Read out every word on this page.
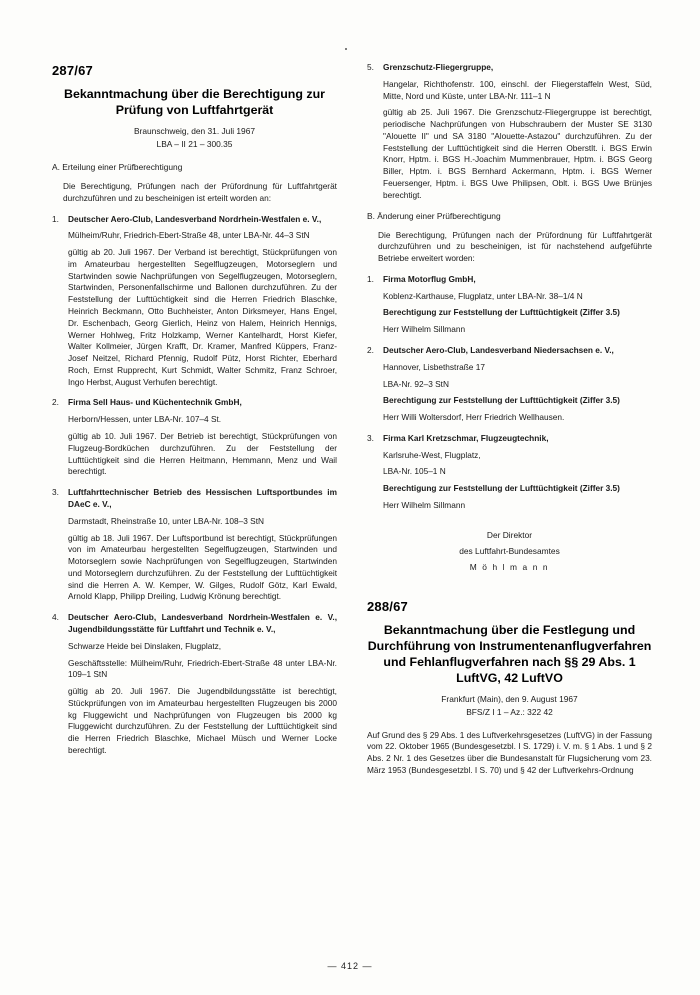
287/67
Bekanntmachung über die Berechtigung zur Prüfung von Luftfahrtgerät
Braunschweig, den 31. Juli 1967
LBA – II 21 – 300.35
A. Erteilung einer Prüfberechtigung
Die Berechtigung, Prüfungen nach der Prüfordnung für Luftfahrtgerät durchzuführen und zu bescheinigen ist erteilt worden an:
1.	Deutscher Aero-Club, Landesverband Nordrhein-Westfalen e. V.,
Mülheim/Ruhr, Friedrich-Ebert-Straße 48, unter LBA-Nr. 44–3 StN
gültig ab 20. Juli 1967. Der Verband ist berechtigt, Stückprüfungen von im Amateurbau hergestellten Segelflugzeugen, Motorseglern und Startwinden sowie Nachprüfungen von Segelflugzeugen, Motorseglern, Startwinden, Personenfallschirme und Ballonen durchzuführen. Zu der Feststellung der Lufttüchtigkeit sind die Herren Friedrich Blaschke, Heinrich Beckmann, Otto Buchheister, Anton Dirksmeyer, Hans Engel, Dr. Eschenbach, Georg Gierlich, Heinz von Halem, Heinrich Hennigs, Werner Hohlweg, Fritz Holzkamp, Werner Kantelhardt, Horst Kiefer, Walter Kollmeier, Jürgen Krafft, Dr. Kramer, Manfred Küppers, Franz-Josef Neitzel, Richard Pfennig, Rudolf Pütz, Horst Richter, Eberhard Roch, Ernst Rupprecht, Kurt Schmidt, Walter Schmitz, Franz Schroer, Ingo Herbst, August Verhufen berechtigt.
2.	Firma Sell Haus- und Küchentechnik GmbH,
Herborn/Hessen, unter LBA-Nr. 107–4 St.
gültig ab 10. Juli 1967. Der Betrieb ist berechtigt, Stückprüfungen von Flugzeug-Bordküchen durchzuführen. Zu der Feststellung der Lufttüchtigkeit sind die Herren Heitmann, Hemmann, Menz und Wail berechtigt.
3.	Luftfahrttechnischer Betrieb des Hessischen Luftsportbundes im DAeC e. V.,
Darmstadt, Rheinstraße 10, unter LBA-Nr. 108–3 StN
gültig ab 18. Juli 1967. Der Luftsportbund ist berechtigt, Stückprüfungen von im Amateurbau hergestellten Segelflugzeugen, Startwinden und Motorseglern sowie Nachprüfungen von Segelflugzeugen, Startwinden und Motorseglern durchzuführen. Zu der Feststellung der Lufttüchtigkeit sind die Herren A. W. Kemper, W. Gilges, Rudolf Götz, Karl Ewald, Arnold Klapp, Philipp Dreiling, Ludwig Krönung berechtigt.
4.	Deutscher Aero-Club, Landesverband Nordrhein-Westfalen e. V., Jugendbildungsstätte für Luftfahrt und Technik e. V.,
Schwarze Heide bei Dinslaken, Flugplatz,
Geschäftsstelle: Mülheim/Ruhr, Friedrich-Ebert-Straße 48 unter LBA-Nr. 109–1 StN
gültig ab 20. Juli 1967. Die Jugendbildungsstätte ist berechtigt, Stückprüfungen von im Amateurbau hergestellten Flugzeugen bis 2000 kg Fluggewicht und Nachprüfungen von Flugzeugen bis 2000 kg Fluggewicht durchzuführen. Zu der Feststellung der Lufttüchtigkeit sind die Herren Friedrich Blaschke, Michael Müsch und Werner Locke berechtigt.
5.	Grenzschutz-Fliegergruppe,
Hangelar, Richthofenstr. 100, einschl. der Fliegerstaffeln West, Süd, Mitte, Nord und Küste, unter LBA-Nr. 111–1 N
gültig ab 25. Juli 1967. Die Grenzschutz-Fliegergruppe ist berechtigt, periodische Nachprüfungen von Hubschraubern der Muster SE 3130 "Alouette II" und SA 3180 "Alouette-Astazou" durchzuführen. Zu der Feststellung der Lufttüchtigkeit sind die Herren Oberstlt. i. BGS Erwin Knorr, Hptm. i. BGS H.-Joachim Mummenbrauer, Hptm. i. BGS Georg Biller, Hptm. i. BGS Bernhard Ackermann, Hptm. i. BGS Werner Feuersenger, Hptm. i. BGS Uwe Philipsen, Oblt. i. BGS Uwe Brünjes berechtigt.
B. Änderung einer Prüfberechtigung
Die Berechtigung, Prüfungen nach der Prüfordnung für Luftfahrtgerät durchzuführen und zu bescheinigen, ist für nachstehend aufgeführte Betriebe erweitert worden:
1.	Firma Motorflug GmbH,
Koblenz-Karthause, Flugplatz, unter LBA-Nr. 38–1/4 N
Berechtigung zur Feststellung der Lufttüchtigkeit (Ziffer 3.5)
Herr Wilhelm Sillmann
2.	Deutscher Aero-Club, Landesverband Niedersachsen e. V.,
Hannover, Lisbethstraße 17
LBA-Nr. 92–3 StN
Berechtigung zur Feststellung der Lufttüchtigkeit (Ziffer 3.5)
Herr Willi Woltersdorf, Herr Friedrich Wellhausen.
3.	Firma Karl Kretzschmar, Flugzeugtechnik,
Karlsruhe-West, Flugplatz,
LBA-Nr. 105–1 N
Berechtigung zur Feststellung der Lufttüchtigkeit (Ziffer 3.5)
Herr Wilhelm Sillmann
Der Direktor
des Luftfahrt-Bundesamtes
M ö h l m a n n
288/67
Bekanntmachung über die Festlegung und Durchführung von Instrumentenanflugverfahren und Fehlanflugverfahren nach §§ 29 Abs. 1 LuftVG, 42 LuftVO
Frankfurt (Main), den 9. August 1967
BFS/Z I 1 – Az.: 322 42
Auf Grund des § 29 Abs. 1 des Luftverkehrsgesetzes (LuftVG) in der Fassung vom 22. Oktober 1965 (Bundesgesetzbl. I S. 1729) i. V. m. § 1 Abs. 1 und § 2 Abs. 2 Nr. 1 des Gesetzes über die Bundesanstalt für Flugsicherung vom 23. März 1953 (Bundesgesetzbl. I S. 70) und § 42 der Luftverkehrs-Ordnung
— 412 —
